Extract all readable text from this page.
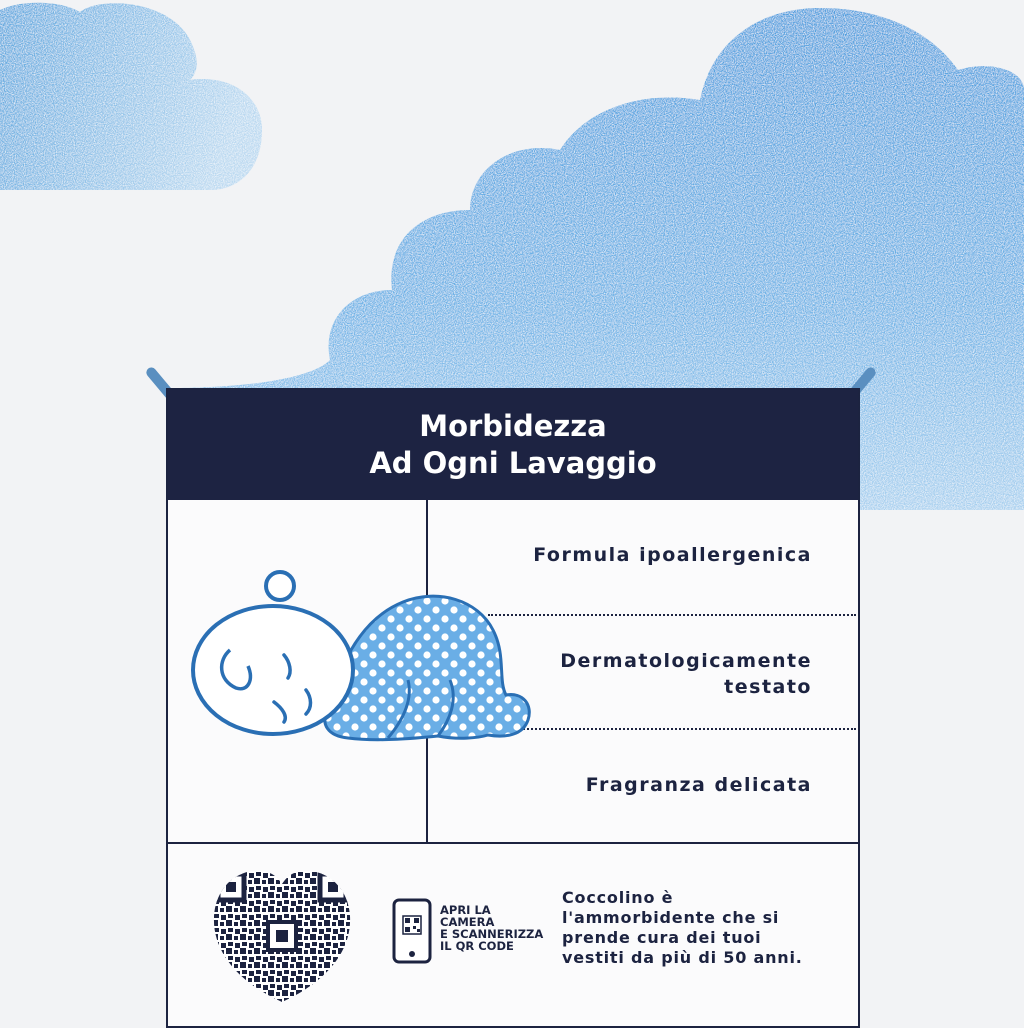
Morbidezza
Ad Ogni Lavaggio
Formula ipoallergenica
Dermatologicamente
testato
Fragranza delicata
APRI LA
CAMERA
E SCANNERIZZA
IL QR CODE
Coccolino è
l'ammorbidente che si
prende cura dei tuoi
vestiti da più di 50 anni.
